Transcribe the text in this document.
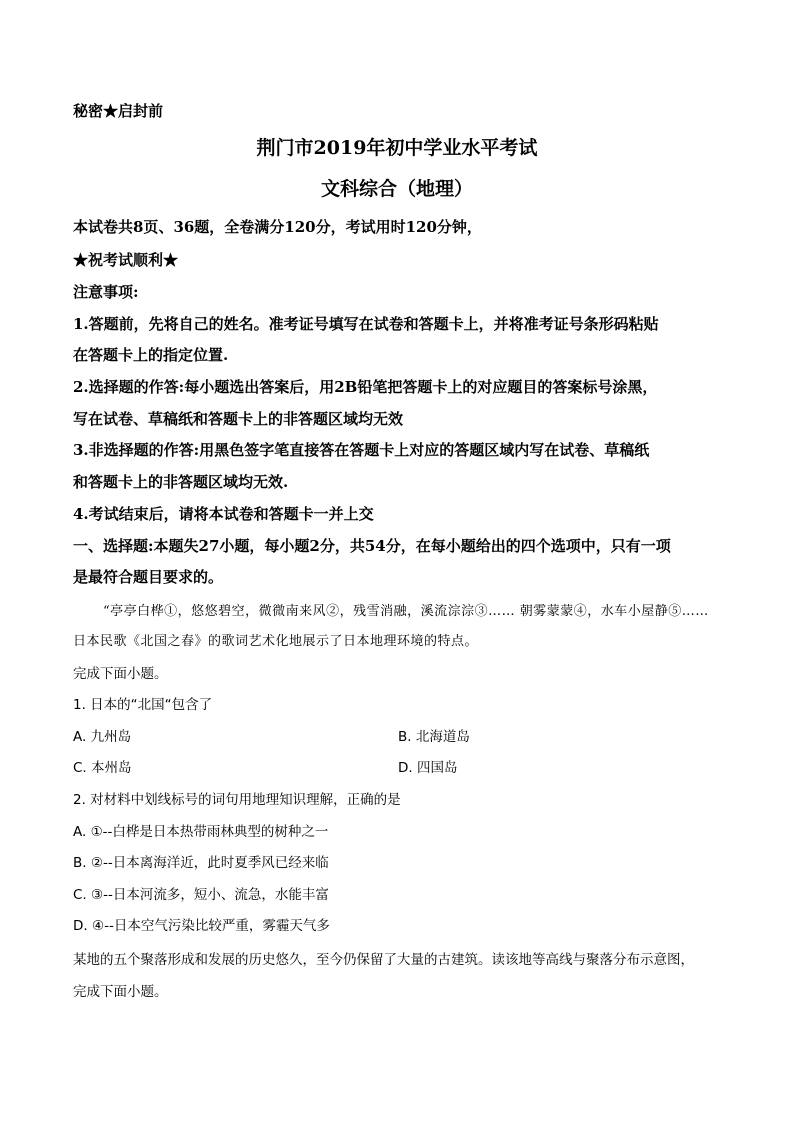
秘密★启封前
荆门市2019年初中学业水平考试
文科综合（地理）
本试卷共8页、36题，全卷满分120分，考试用时120分钟，
★祝考试顺利★
注意事项:
1.答题前，先将自己的姓名。准考证号填写在试卷和答题卡上，并将准考证号条形码粘贴
在答题卡上的指定位置.
2.选择题的作答:每小题选出答案后，用2B铅笔把答题卡上的对应题目的答案标号涂黑，
写在试卷、草稿纸和答题卡上的非答题区域均无效
3.非选择题的作答:用黑色签字笔直接答在答题卡上对应的答题区域内写在试卷、草稿纸
和答题卡上的非答题区域均无效.
4.考试结束后，请将本试卷和答题卡一并上交
一、选择题:本题失27小题，每小题2分，共54分，在每小题给出的四个选项中，只有一项
是最符合题目要求的。
“亭亭白桦①，悠悠碧空，微微南来风②，残雪消融，溪流淙淙③…… 朝雾蒙蒙④，水车小屋静⑤……
日本民歌《北国之春》的歌词艺术化地展示了日本地理环境的特点。
完成下面小题。
1. 日本的“北国“包含了
A. 九州岛	B. 北海道岛
C. 本州岛	D. 四国岛
2. 对材料中划线标号的词句用地理知识理解，正确的是
A. ①--白桦是日本热带雨林典型的树种之一
B. ②--日本离海洋近，此时夏季风已经来临
C. ③--日本河流多，短小、流急，水能丰富
D. ④--日本空气污染比较严重，雾霾天气多
某地的五个聚落形成和发展的历史悠久，至今仍保留了大量的古建筑。读该地等高线与聚落分布示意图，
完成下面小题。
